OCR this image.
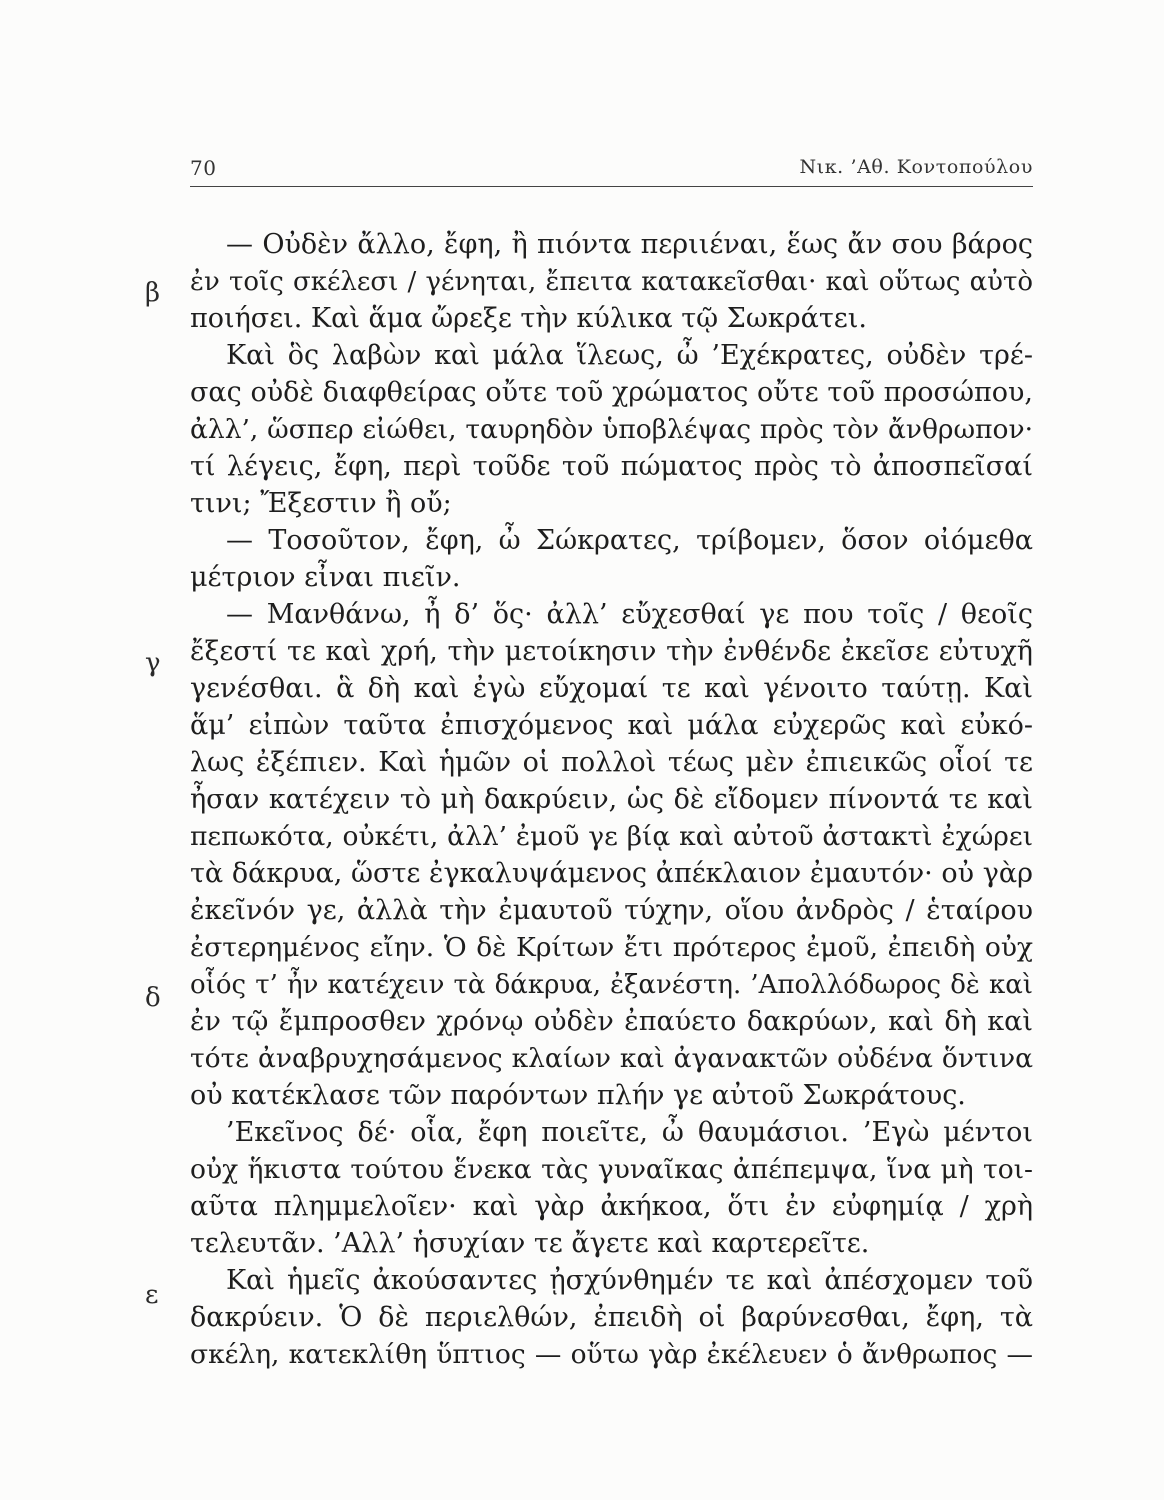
70	Νικ. ’Αθ. Κοντοπούλου
β
γ
δ
ε
— Οὐδὲν ἄλλο, ἔφη, ἢ πιόντα περιιέναι, ἕως ἄν σου βάρος
ἐν τοῖς σκέλεσι / γένηται, ἔπειτα κατακεῖσθαι· καὶ οὕτως αὐτὸ
ποιήσει. Καὶ ἅμα ὤρεξε τὴν κύλικα τῷ Σωκράτει.
Καὶ ὃς λαβὼν καὶ μάλα ἵλεως, ὦ ’Εχέκρατες, οὐδὲν τρέ-
σας οὐδὲ διαφθείρας οὔτε τοῦ χρώματος οὔτε τοῦ προσώπου,
ἀλλ’, ὥσπερ εἰώθει, ταυρηδὸν ὑποβλέψας πρὸς τὸν ἄνθρωπον·
τί λέγεις, ἔφη, περὶ τοῦδε τοῦ πώματος πρὸς τὸ ἀποσπεῖσαί
τινι; Ἔξεστιν ἢ οὔ;
— Τοσοῦτον, ἔφη, ὦ Σώκρατες, τρίβομεν, ὅσον οἰόμεθα
μέτριον εἶναι πιεῖν.
— Μανθάνω, ἦ δ’ ὅς· ἀλλ’ εὔχεσθαί γε που τοῖς / θεοῖς
ἔξεστί τε καὶ χρή, τὴν μετοίκησιν τὴν ἐνθένδε ἐκεῖσε εὐτυχῆ
γενέσθαι. ἃ δὴ καὶ ἐγὼ εὔχομαί τε καὶ γένοιτο ταύτῃ. Καὶ
ἅμ’ εἰπὼν ταῦτα ἐπισχόμενος καὶ μάλα εὐχερῶς καὶ εὐκό-
λως ἐξέπιεν. Καὶ ἡμῶν οἱ πολλοὶ τέως μὲν ἐπιεικῶς οἷοί τε
ἦσαν κατέχειν τὸ μὴ δακρύειν, ὡς δὲ εἴδομεν πίνοντά τε καὶ
πεπωκότα, οὐκέτι, ἀλλ’ ἐμοῦ γε βίᾳ καὶ αὐτοῦ ἀστακτὶ ἐχώρει
τὰ δάκρυα, ὥστε ἐγκαλυψάμενος ἀπέκλαιον ἐμαυτόν· οὐ γὰρ
ἐκεῖνόν γε, ἀλλὰ τὴν ἐμαυτοῦ τύχην, οἵου ἀνδρὸς / ἑταίρου
ἐστερημένος εἴην. Ὁ δὲ Κρίτων ἔτι πρότερος ἐμοῦ, ἐπειδὴ οὐχ
οἷός τ’ ἦν κατέχειν τὰ δάκρυα, ἐξανέστη. ’Απολλόδωρος δὲ καὶ
ἐν τῷ ἔμπροσθεν χρόνῳ οὐδὲν ἐπαύετο δακρύων, καὶ δὴ καὶ
τότε ἀναβρυχησάμενος κλαίων καὶ ἀγανακτῶν οὐδένα ὅντινα
οὐ κατέκλασε τῶν παρόντων πλήν γε αὐτοῦ Σωκράτους.
’Εκεῖνος δέ· οἷα, ἔφη ποιεῖτε, ὦ θαυμάσιοι. ’Εγὼ μέντοι
οὐχ ἥκιστα τούτου ἕνεκα τὰς γυναῖκας ἀπέπεμψα, ἵνα μὴ τοι-
αῦτα πλημμελοῖεν· καὶ γὰρ ἀκήκοα, ὅτι ἐν εὐφημίᾳ / χρὴ
τελευτᾶν. ’Αλλ’ ἡσυχίαν τε ἄγετε καὶ καρτερεῖτε.
Καὶ ἡμεῖς ἀκούσαντες ᾐσχύνθημέν τε καὶ ἀπέσχομεν τοῦ
δακρύειν. Ὁ δὲ περιελθών, ἐπειδὴ οἱ βαρύνεσθαι, ἔφη, τὰ
σκέλη, κατεκλίθη ὕπτιος — οὕτω γὰρ ἐκέλευεν ὁ ἄνθρωπος —
